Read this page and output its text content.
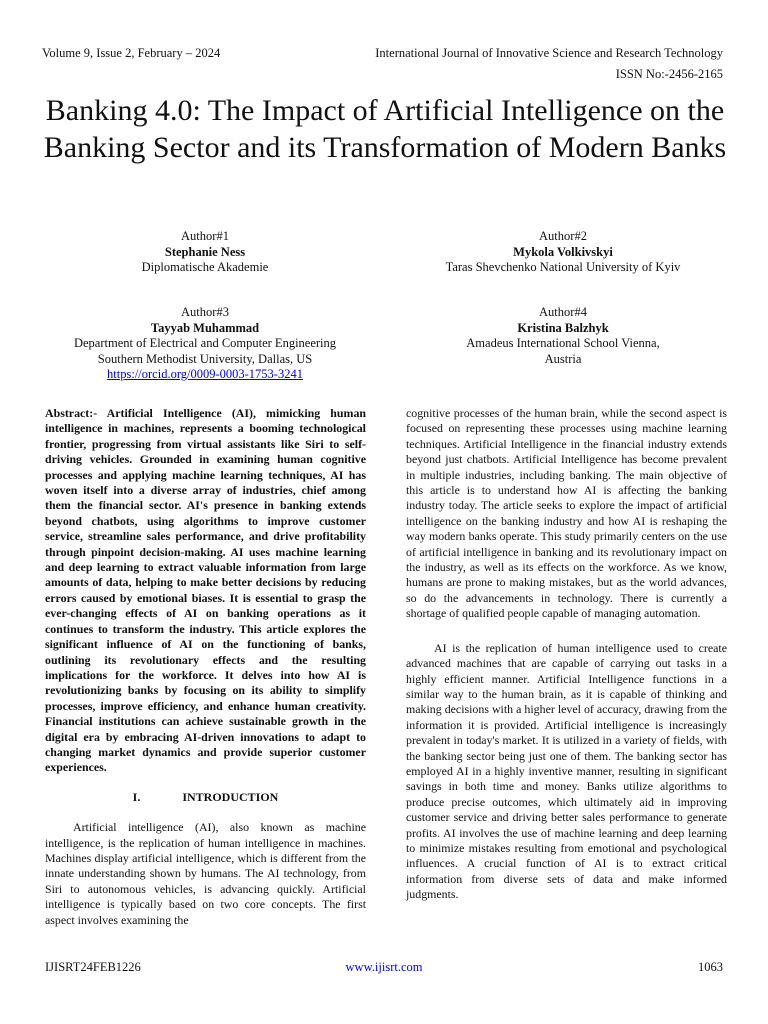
Volume 9, Issue 2, February – 2024	International Journal of Innovative Science and Research Technology
ISSN No:-2456-2165
Banking 4.0: The Impact of Artificial Intelligence on the Banking Sector and its Transformation of Modern Banks
Author#1
Stephanie Ness
Diplomatische Akademie
Author#2
Mykola Volkivskyi
Taras Shevchenko National University of Kyiv
Author#3
Tayyab Muhammad
Department of Electrical and Computer Engineering
Southern Methodist University, Dallas, US
https://orcid.org/0009-0003-1753-3241
Author#4
Kristina Balzhyk
Amadeus International School Vienna,
Austria

Abstract:- Artificial Intelligence (AI), mimicking human intelligence in machines, represents a booming technological frontier, progressing from virtual assistants like Siri to self-driving vehicles. Grounded in examining human cognitive processes and applying machine learning techniques, AI has woven itself into a diverse array of industries, chief among them the financial sector. AI's presence in banking extends beyond chatbots, using algorithms to improve customer service, streamline sales performance, and drive profitability through pinpoint decision-making. AI uses machine learning and deep learning to extract valuable information from large amounts of data, helping to make better decisions by reducing errors caused by emotional biases. It is essential to grasp the ever-changing effects of AI on banking operations as it continues to transform the industry. This article explores the significant influence of AI on the functioning of banks, outlining its revolutionary effects and the resulting implications for the workforce. It delves into how AI is revolutionizing banks by focusing on its ability to simplify processes, improve efficiency, and enhance human creativity. Financial institutions can achieve sustainable growth in the digital era by embracing AI-driven innovations to adapt to changing market dynamics and provide superior customer experiences.

I.	INTRODUCTION

Artificial intelligence (AI), also known as machine intelligence, is the replication of human intelligence in machines. Machines display artificial intelligence, which is different from the innate understanding shown by humans. The AI technology, from Siri to autonomous vehicles, is advancing quickly. Artificial intelligence is typically based on two core concepts. The first aspect involves examining the

cognitive processes of the human brain, while the second aspect is focused on representing these processes using machine learning techniques. Artificial Intelligence in the financial industry extends beyond just chatbots. Artificial Intelligence has become prevalent in multiple industries, including banking. The main objective of this article is to understand how AI is affecting the banking industry today. The article seeks to explore the impact of artificial intelligence on the banking industry and how AI is reshaping the way modern banks operate. This study primarily centers on the use of artificial intelligence in banking and its revolutionary impact on the industry, as well as its effects on the workforce. As we know, humans are prone to making mistakes, but as the world advances, so do the advancements in technology. There is currently a shortage of qualified people capable of managing automation.

AI is the replication of human intelligence used to create advanced machines that are capable of carrying out tasks in a highly efficient manner. Artificial Intelligence functions in a similar way to the human brain, as it is capable of thinking and making decisions with a higher level of accuracy, drawing from the information it is provided. Artificial intelligence is increasingly prevalent in today's market. It is utilized in a variety of fields, with the banking sector being just one of them. The banking sector has employed AI in a highly inventive manner, resulting in significant savings in both time and money. Banks utilize algorithms to produce precise outcomes, which ultimately aid in improving customer service and driving better sales performance to generate profits. AI involves the use of machine learning and deep learning to minimize mistakes resulting from emotional and psychological influences. A crucial function of AI is to extract critical information from diverse sets of data and make informed judgments.

IJISRT24FEB1226	www.ijisrt.com	1063
